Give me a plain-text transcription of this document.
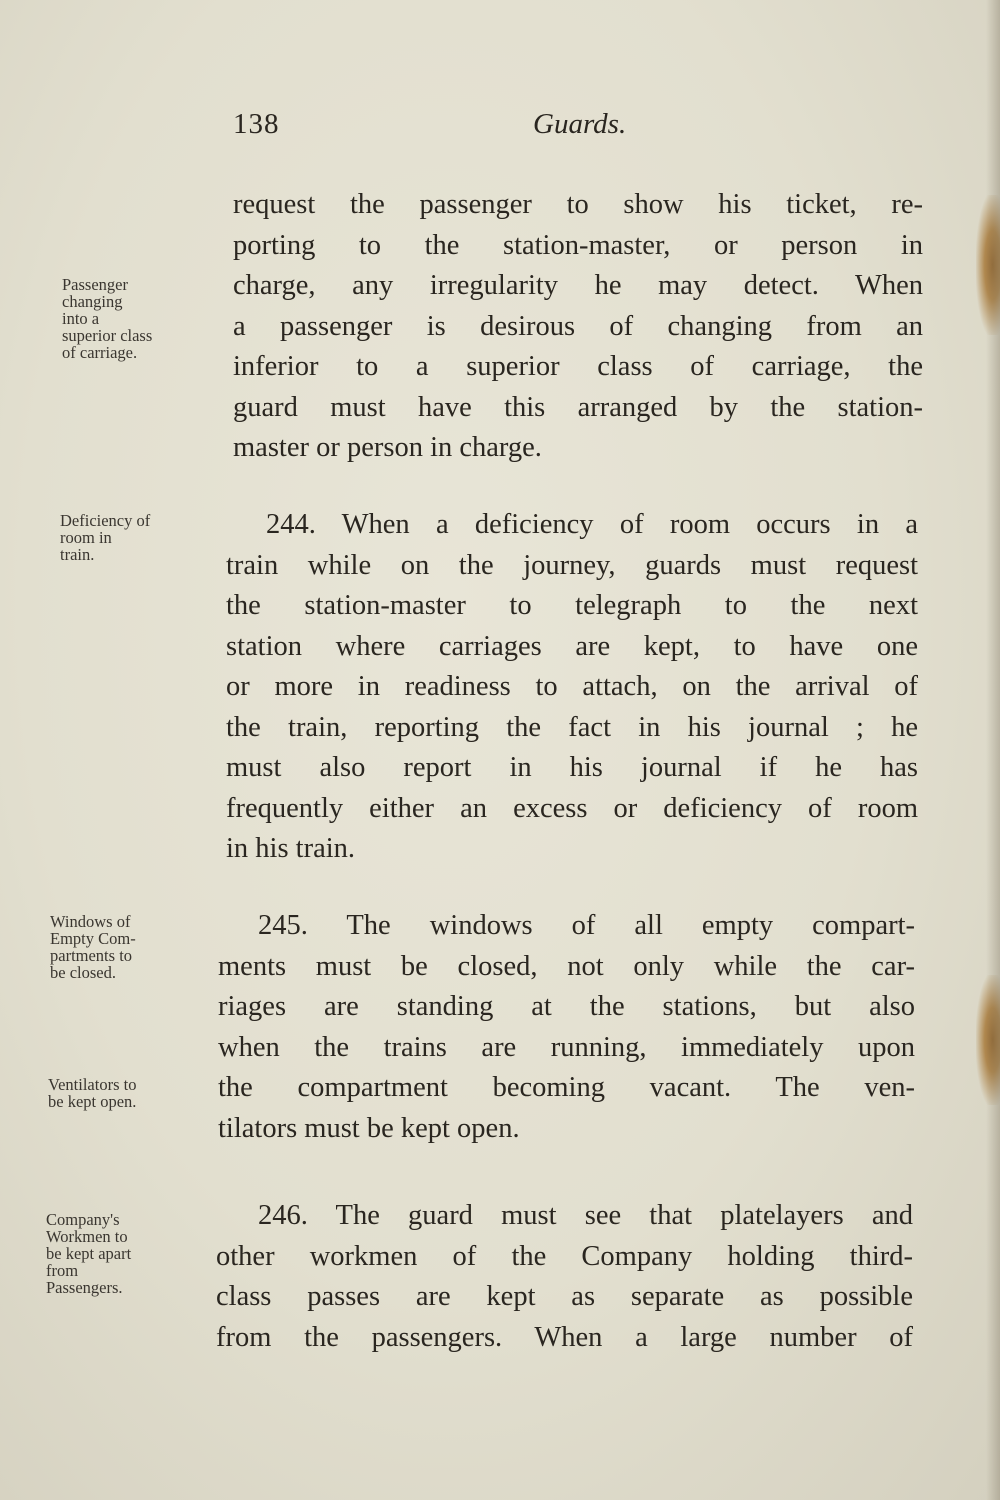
138	Guards.
Passenger
changing
into a
superior class
of carriage.
Deficiency of
room in
train.
Windows of
Empty Com-
partments to
be closed.
Ventilators to
be kept open.
Company's
Workmen to
be kept apart
from
Passengers.
request the passenger to show his ticket, re-
porting to the station-master, or person in
charge, any irregularity he may detect. When
a passenger is desirous of changing from an
inferior to a superior class of carriage, the
guard must have this arranged by the station-
master or person in charge.
244. When a deficiency of room occurs in a
train while on the journey, guards must request
the station-master to telegraph to the next
station where carriages are kept, to have one
or more in readiness to attach, on the arrival of
the train, reporting the fact in his journal ; he
must also report in his journal if he has
frequently either an excess or deficiency of room
in his train.
245. The windows of all empty compart-
ments must be closed, not only while the car-
riages are standing at the stations, but also
when the trains are running, immediately upon
the compartment becoming vacant. The ven-
tilators must be kept open.
246. The guard must see that platelayers and
other workmen of the Company holding third-
class passes are kept as separate as possible
from the passengers. When a large number of
